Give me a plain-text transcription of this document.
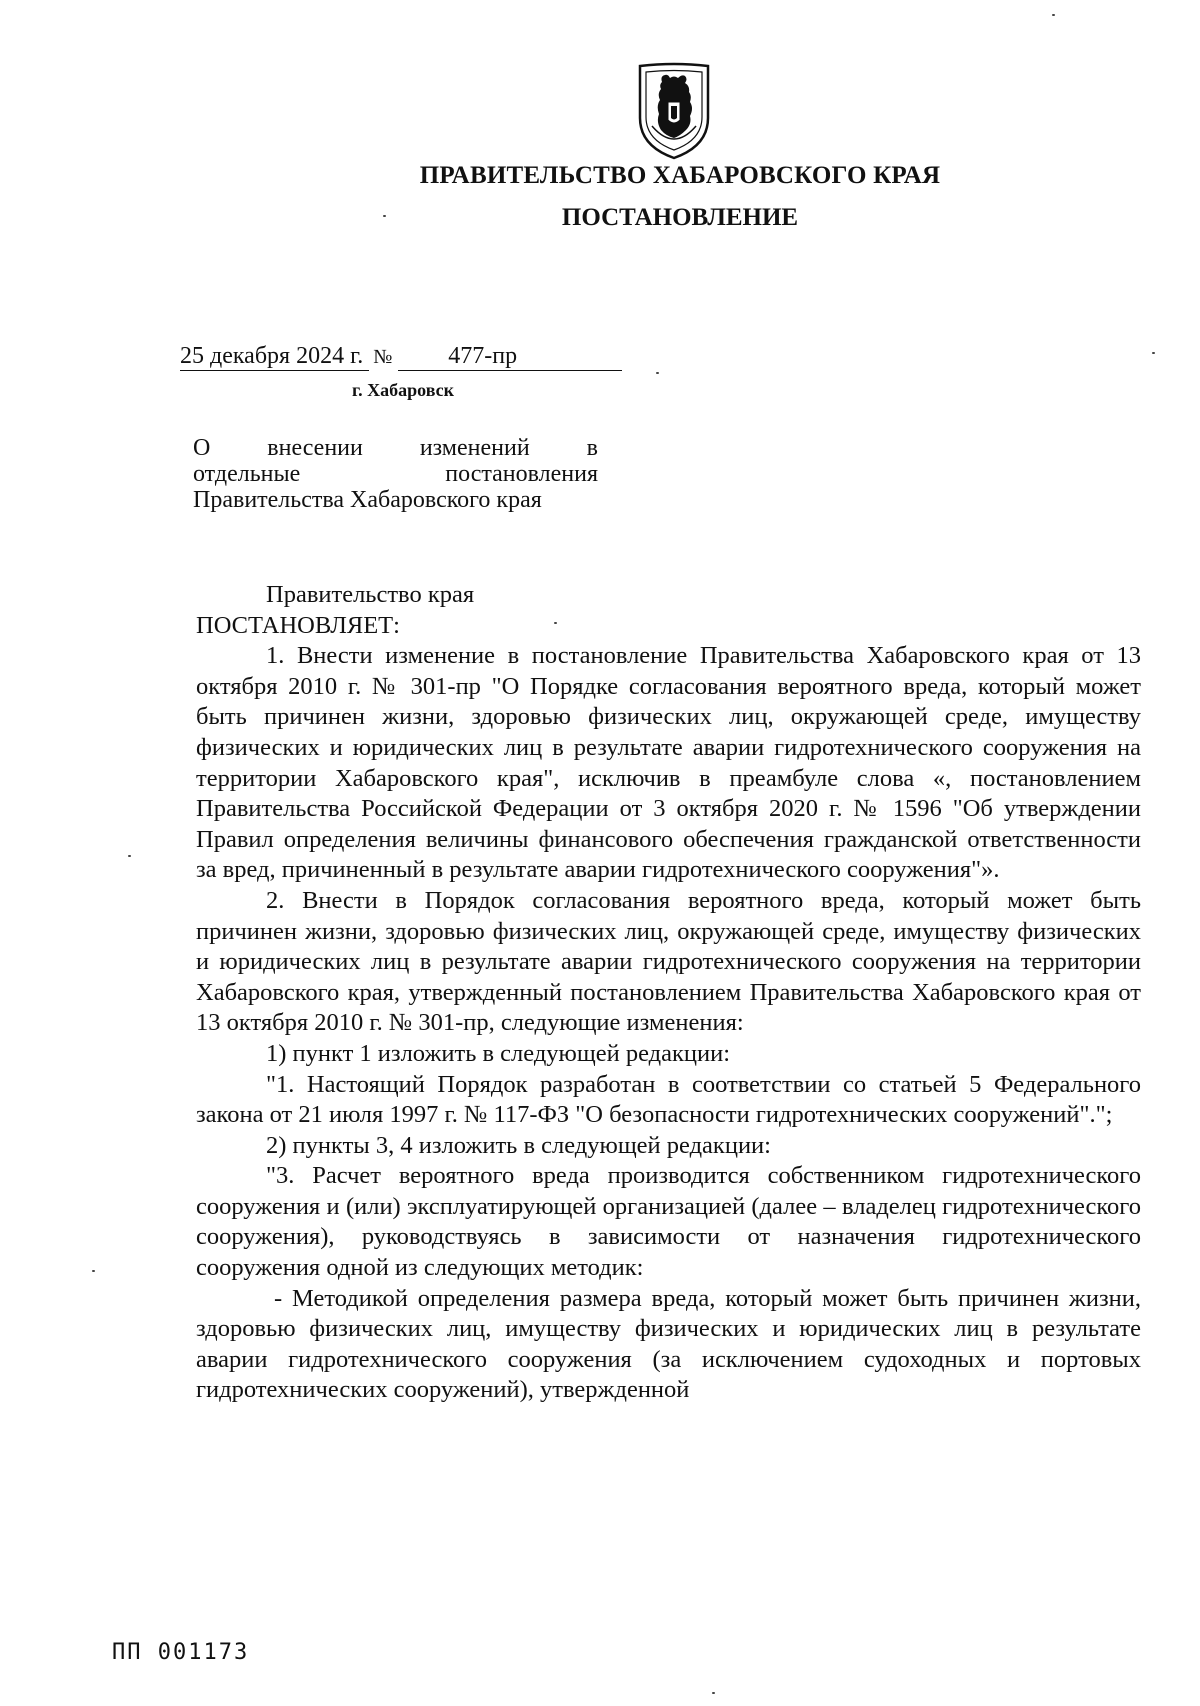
ПРАВИТЕЛЬСТВО ХАБАРОВСКОГО КРАЯ
ПОСТАНОВЛЕНИЕ
25 декабря 2024 г. № 477-пр
г. Хабаровск
О внесении изменений в
отдельные	постановления
Правительства Хабаровского края

Правительство края

ПОСТАНОВЛЯЕТ:

1. Внести изменение в постановление Правительства Хабаровского края от 13 октября 2010 г. № 301-пр "О Порядке согласования вероятного вреда, который может быть причинен жизни, здоровью физических лиц, окружающей среде, имуществу физических и юридических лиц в результате аварии гидротехнического сооружения на территории Хабаровского края", исключив в преамбуле слова «, постановлением Правительства Российской Федерации от 3 октября 2020 г. № 1596 "Об утверждении Правил определения величины финансового обеспечения гражданской ответственности за вред, причиненный в результате аварии гидротехнического сооружения"».

2. Внести в Порядок согласования вероятного вреда, который может быть причинен жизни, здоровью физических лиц, окружающей среде, имуществу физических и юридических лиц в результате аварии гидротехнического сооружения на территории Хабаровского края, утвержденный постановлением Правительства Хабаровского края от 13 октября 2010 г. № 301-пр, следующие изменения:

1) пункт 1 изложить в следующей редакции:

"1. Настоящий Порядок разработан в соответствии со статьей 5 Федерального закона от 21 июля 1997 г. № 117-ФЗ "О безопасности гидротехнических сооружений".";

2) пункты 3, 4 изложить в следующей редакции:

"3. Расчет вероятного вреда производится собственником гидротехнического сооружения и (или) эксплуатирующей организацией (далее – владелец гидротехнического сооружения), руководствуясь в зависимости от назначения гидротехнического сооружения одной из следующих методик:

- Методикой определения размера вреда, который может быть причинен жизни, здоровью физических лиц, имуществу физических и юридических лиц в результате аварии гидротехнического сооружения (за исключением судоходных и портовых гидротехнических сооружений), утвержденной

ПП 001173
